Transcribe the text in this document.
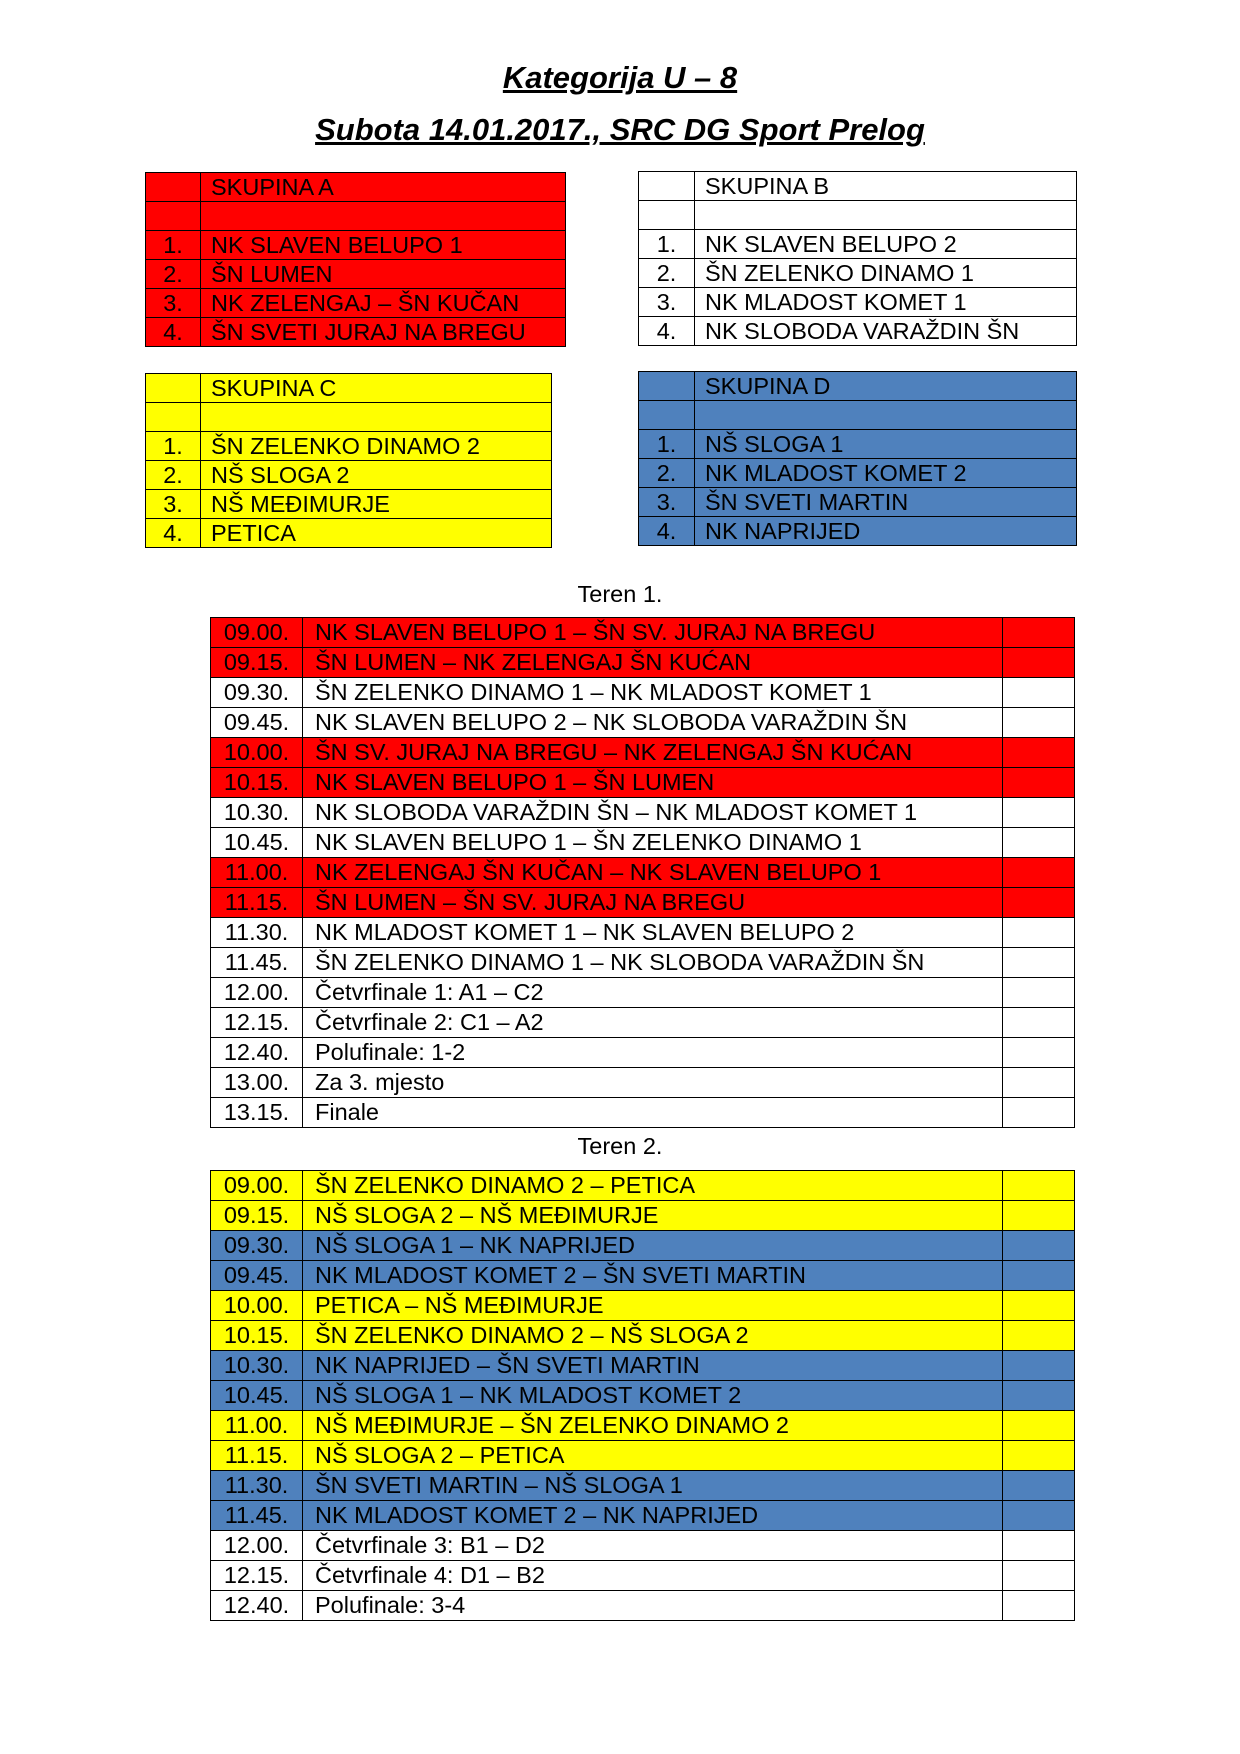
Kategorija U – 8
Subota 14.01.2017., SRC DG Sport Prelog
	SKUPINA A

1.	NK SLAVEN BELUPO 1
2.	ŠN LUMEN
3.	NK ZELENGAJ – ŠN KUČAN
4.	ŠN SVETI JURAJ NA BREGU
	SKUPINA B

1.	NK SLAVEN BELUPO 2
2.	ŠN ZELENKO DINAMO 1
3.	NK MLADOST KOMET 1
4.	NK SLOBODA VARAŽDIN ŠN
	SKUPINA C

1.	ŠN ZELENKO DINAMO 2
2.	NŠ SLOGA 2
3.	NŠ MEĐIMURJE
4.	PETICA
	SKUPINA D

1.	NŠ SLOGA 1
2.	NK MLADOST KOMET 2
3.	ŠN SVETI MARTIN
4.	NK NAPRIJED
Teren 1.
09.00.	NK SLAVEN BELUPO 1 – ŠN SV. JURAJ NA BREGU	
09.15.	ŠN LUMEN – NK ZELENGAJ ŠN KUĆAN	
09.30.	ŠN ZELENKO DINAMO 1 – NK MLADOST KOMET 1	
09.45.	NK SLAVEN BELUPO 2 – NK SLOBODA VARAŽDIN ŠN	
10.00.	ŠN SV. JURAJ NA BREGU – NK ZELENGAJ ŠN KUĆAN	
10.15.	NK SLAVEN BELUPO 1 – ŠN LUMEN	
10.30.	NK SLOBODA VARAŽDIN ŠN – NK MLADOST KOMET 1	
10.45.	NK SLAVEN BELUPO 1 – ŠN ZELENKO DINAMO 1	
11.00.	NK ZELENGAJ ŠN KUČAN – NK SLAVEN BELUPO 1	
11.15.	ŠN LUMEN – ŠN SV. JURAJ NA BREGU	
11.30.	NK MLADOST KOMET 1 – NK SLAVEN BELUPO 2	
11.45.	ŠN ZELENKO DINAMO 1 – NK SLOBODA VARAŽDIN ŠN	
12.00.	Četvrfinale 1: A1 – C2	
12.15.	Četvrfinale 2: C1 – A2	
12.40.	Polufinale: 1-2	
13.00.	Za 3. mjesto	
13.15.	Finale	
Teren 2.
09.00.	ŠN ZELENKO DINAMO 2 – PETICA	
09.15.	NŠ SLOGA 2 – NŠ MEĐIMURJE	
09.30.	NŠ SLOGA 1 – NK NAPRIJED	
09.45.	NK MLADOST KOMET 2 – ŠN SVETI MARTIN	
10.00.	PETICA – NŠ MEĐIMURJE	
10.15.	ŠN ZELENKO DINAMO 2 – NŠ SLOGA 2	
10.30.	NK NAPRIJED – ŠN SVETI MARTIN	
10.45.	NŠ SLOGA 1 – NK MLADOST KOMET 2	
11.00.	NŠ MEĐIMURJE – ŠN ZELENKO DINAMO 2	
11.15.	NŠ SLOGA 2 – PETICA	
11.30.	ŠN SVETI MARTIN – NŠ SLOGA 1	
11.45.	NK MLADOST KOMET 2 – NK NAPRIJED	
12.00.	Četvrfinale 3: B1 – D2	
12.15.	Četvrfinale 4: D1 – B2	
12.40.	Polufinale: 3-4	
